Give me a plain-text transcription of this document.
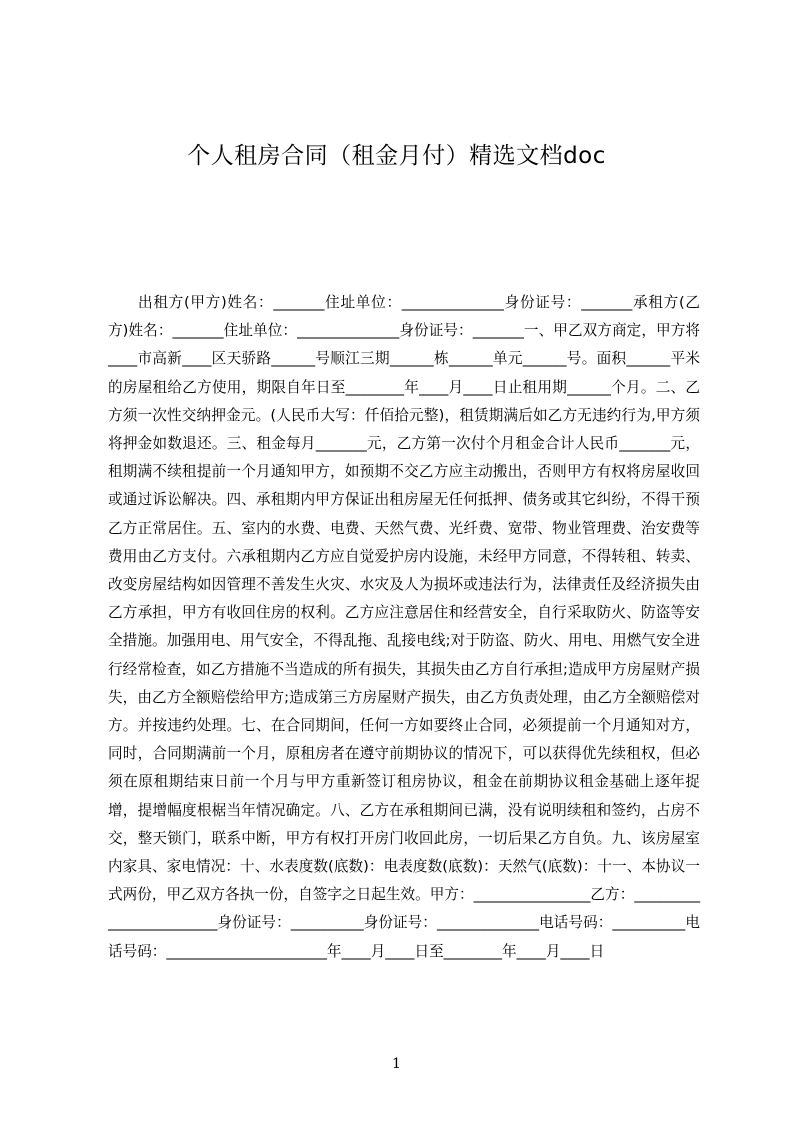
个人租房合同（租金月付）精选文档doc

出租方(甲方)姓名：_______住址单位：______________身份证号：_______承租方(乙方)姓名：_______住址单位：______________身份证号：_______一、甲乙双方商定，甲方将____市高新____区天骄路______号顺江三期______栋______单元______号。面积______平米的房屋租给乙方使用，期限自年日至________年____月____日止租用期______个月。二、乙方须一次性交纳押金元。(人民币大写：仟佰拾元整)，租赁期满后如乙方无违约行为,甲方须将押金如数退还。三、租金每月_______元，乙方第一次付个月租金合计人民币_______元，租期满不续租提前一个月通知甲方，如预期不交乙方应主动搬出，否则甲方有权将房屋收回或通过诉讼解决。四、承租期内甲方保证出租房屋无任何抵押、债务或其它纠纷，不得干预乙方正常居住。五、室内的水费、电费、天然气费、光纤费、宽带、物业管理费、治安费等费用由乙方支付。六承租期内乙方应自觉爱护房内设施，未经甲方同意，不得转租、转卖、改变房屋结构如因管理不善发生火灾、水灾及人为损坏或违法行为，法律责任及经济损失由乙方承担，甲方有收回住房的权利。乙方应注意居住和经营安全，自行采取防火、防盗等安全措施。加强用电、用气安全，不得乱拖、乱接电线;对于防盗、防火、用电、用燃气安全进行经常检查，如乙方措施不当造成的所有损失，其损失由乙方自行承担;造成甲方房屋财产损失，由乙方全额赔偿给甲方;造成第三方房屋财产损失，由乙方负责处理，由乙方全额赔偿对方。并按违约处理。七、在合同期间，任何一方如要终止合同，必须提前一个月通知对方，同时，合同期满前一个月，原租房者在遵守前期协议的情况下，可以获得优先续租权，但必须在原租期结束日前一个月与甲方重新签订租房协议，租金在前期协议租金基础上逐年捉增，提增幅度根椐当年情况确定。八、乙方在承租期间已满，没有说明续租和签约，占房不交，整天锁门，联系中断，甲方有权打开房门收回此房，一切后果乙方自负。九、该房屋室内家具、家电情况：十、水表度数(底数)：电表度数(底数)：天然气(底数)：十一、本协议一式两份，甲乙双方各执一份，自签字之日起生效。甲方：________________乙方：________________________身份证号：__________身份证号：______________电话号码：__________电话号码：______________________年____月____日至________年____月____日

1
